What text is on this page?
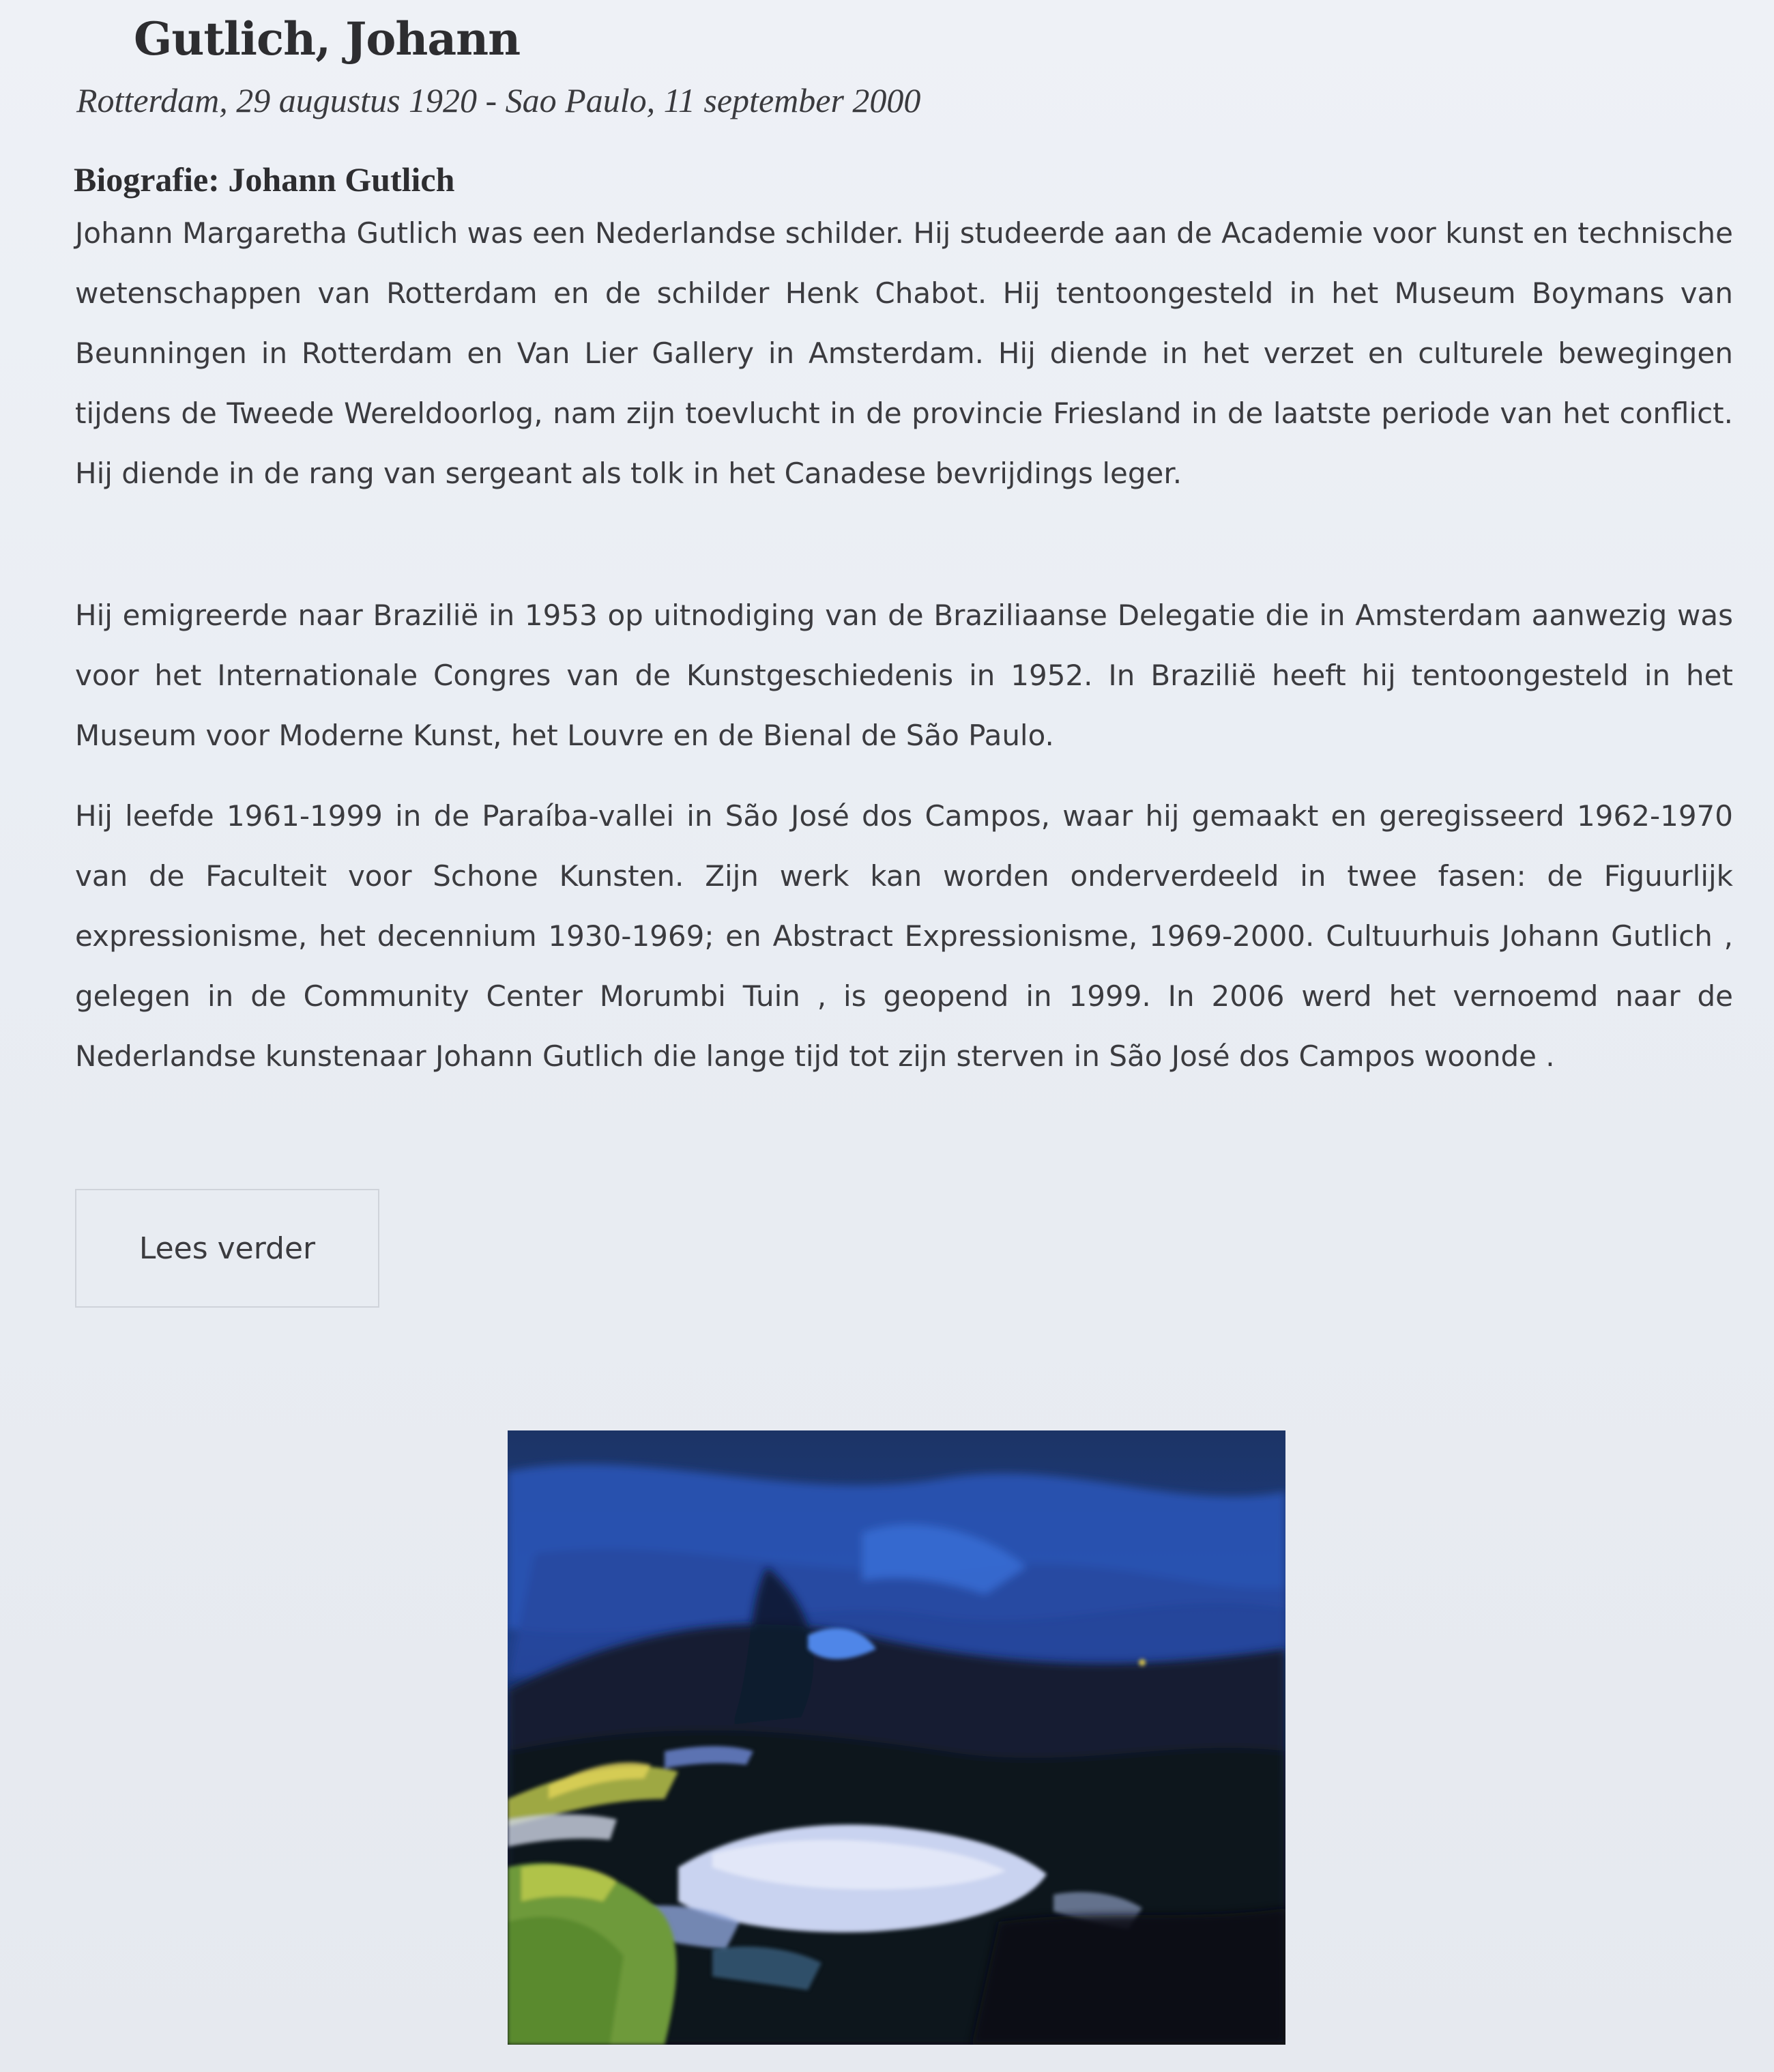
Gutlich, Johann

Rotterdam, 29 augustus 1920 - Sao Paulo, 11 september 2000

Biografie: Johann Gutlich

Johann Margaretha Gutlich was een Nederlandse schilder. Hij studeerde aan de Academie voor kunst en technische wetenschappen van Rotterdam en de schilder Henk Chabot. Hij tentoongesteld in het Museum Boymans van Beunningen in Rotterdam en Van Lier Gallery in Amsterdam. Hij diende in het verzet en culturele bewegingen tijdens de Tweede Wereldoorlog, nam zijn toevlucht in de provincie Friesland in de laatste periode van het conflict. Hij diende in de rang van sergeant als tolk in het Canadese bevrijdings leger.

Hij emigreerde naar Brazilië in 1953 op uitnodiging van de Braziliaanse Delegatie die in Amsterdam aanwezig was voor het Internationale Congres van de Kunstgeschiedenis in 1952. In Brazilië heeft hij tentoongesteld in het Museum voor Moderne Kunst, het Louvre en de Bienal de São Paulo.

Hij leefde 1961-1999 in de Paraíba-vallei in São José dos Campos, waar hij gemaakt en geregisseerd 1962-1970 van de Faculteit voor Schone Kunsten. Zijn werk kan worden onderverdeeld in twee fasen: de Figuurlijk expressionisme, het decennium 1930-1969; en Abstract Expressionisme, 1969-2000. Cultuurhuis Johann Gutlich , gelegen in de Community Center Morumbi Tuin , is geopend in 1999. In 2006 werd het vernoemd naar de Nederlandse kunstenaar Johann Gutlich die lange tijd tot zijn sterven in São José dos Campos woonde .

Lees verder
